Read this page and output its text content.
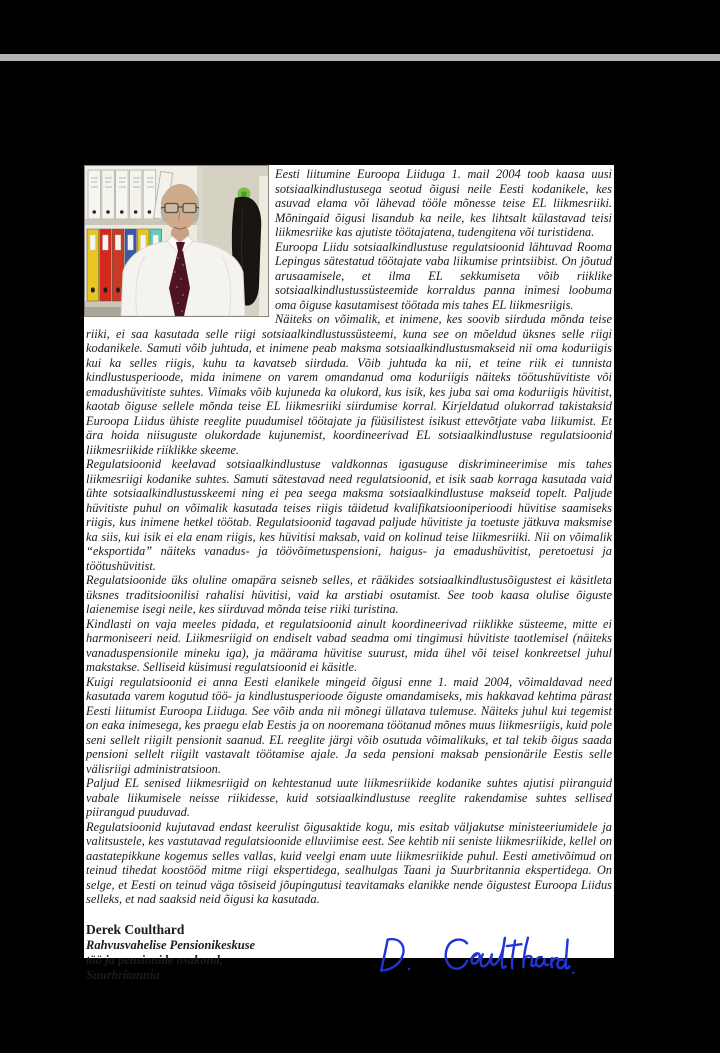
Eesti liitumine Euroopa Liiduga 1. mail 2004 toob kaasa uusi sotsiaalkindlustusega seotud õigusi neile Eesti kodanikele, kes asuvad elama või lähevad tööle mõnesse teise EL liikmesriiki. Mõningaid õigusi lisandub ka neile, kes lihtsalt külastavad teisi liikmesriike kas ajutiste töötajatena, tudengitena või turistidena.

Euroopa Liidu sotsiaalkindlustuse regulatsioonid lähtuvad Rooma Lepingus sätestatud töötajate vaba liikumise printsiibist. On jõutud arusaamisele, et ilma EL sekkumiseta võib riiklike sotsiaalkindlustussüsteemide korraldus panna inimesi loobuma oma õiguse kasutamisest töötada mis tahes EL liikmesriigis.

Näiteks on võimalik, et inimene, kes soovib siirduda mõnda teise riiki, ei saa kasutada selle riigi sotsiaalkindlustussüsteemi, kuna see on mõeldud üksnes selle riigi kodanikele. Samuti võib juhtuda, et inimene peab maksma sotsiaalkindlustusmakseid nii oma koduriigis kui ka selles riigis, kuhu ta kavatseb siirduda. Võib juhtuda ka nii, et teine riik ei tunnista kindlustusperioode, mida inimene on varem omandanud oma koduriigis näiteks töötushüvitiste või emadushüvitiste suhtes. Viimaks võib kujuneda ka olukord, kus isik, kes juba sai oma koduriigis hüvitist, kaotab õiguse sellele mõnda teise EL liikmesriiki siirdumise korral. Kirjeldatud olukorrad takistaksid Euroopa Liidus ühiste reeglite puudumisel töötajate ja füüsilistest isikust ettevõtjate vaba liikumist. Et ära hoida niisuguste olukordade kujunemist, koordineerivad EL sotsiaalkindlustuse regulatsioonid liikmesriikide riiklikke skeeme.

Regulatsioonid keelavad sotsiaalkindlustuse valdkonnas igasuguse diskrimineerimise mis tahes liikmesriigi kodanike suhtes. Samuti sätestavad need regulatsioonid, et isik saab korraga kasutada vaid ühte sotsiaalkindlustusskeemi ning ei pea seega maksma sotsiaalkindlustuse makseid topelt. Paljude hüvitiste puhul on võimalik kasutada teises riigis täidetud kvalifikatsiooniperioodi hüvitise saamiseks riigis, kus inimene hetkel töötab. Regulatsioonid tagavad paljude hüvitiste ja toetuste jätkuva maksmise ka siis, kui isik ei ela enam riigis, kes hüvitisi maksab, vaid on kolinud teise liikmesriiki. Nii on võimalik “eksportida” näiteks vanadus- ja töövõimetuspensioni, haigus- ja emadushüvitist, peretoetusi ja töötushüvitist.

Regulatsioonide üks oluline omapära seisneb selles, et rääkides sotsiaalkindlustusõigustest ei käsitleta üksnes traditsioonilisi rahalisi hüvitisi, vaid ka arstiabi osutamist. See toob kaasa olulise õiguste laienemise isegi neile, kes siirduvad mõnda teise riiki turistina.

Kindlasti on vaja meeles pidada, et regulatsioonid ainult koordineerivad riiklikke süsteeme, mitte ei harmoniseeri neid. Liikmesriigid on endiselt vabad seadma omi tingimusi hüvitiste taotlemisel (näiteks vanaduspensionile mineku iga), ja määrama hüvitise suurust, mida ühel või teisel konkreetsel juhul makstakse. Selliseid küsimusi regulatsioonid ei käsitle.

Kuigi regulatsioonid ei anna Eesti elanikele mingeid õigusi enne 1. maid 2004, võimaldavad need kasutada varem kogutud töö- ja kindlustusperioode õiguste omandamiseks, mis hakkavad kehtima pärast Eesti liitumist Euroopa Liiduga. See võib anda nii mõnegi üllatava tulemuse. Näiteks juhul kui tegemist on eaka inimesega, kes praegu elab Eestis ja on nooremana töötanud mõnes muus liikmesriigis, kuid pole seni sellelt riigilt pensionit saanud. EL reeglite järgi võib osutuda võimalikuks, et tal tekib õigus saada pensioni sellelt riigilt vastavalt töötamise ajale. Ja seda pensioni maksab pensionärile Eestis selle välisriigi administratsioon.

Paljud EL senised liikmesriigid on kehtestanud uute liikmesriikide kodanike suhtes ajutisi piiranguid vabale liikumisele neisse riikidesse, kuid sotsiaalkindlustuse reeglite rakendamise suhtes sellised piirangud puuduvad.

Regulatsioonid kujutavad endast keerulist õigusaktide kogu, mis esitab väljakutse ministeeriumidele ja valitsustele, kes vastutavad regulatsioonide elluviimise eest. See kehtib nii seniste liikmesriikide, kellel on aastatepikkune kogemus selles vallas, kuid veelgi enam uute liikmesriikide puhul. Eesti ametivõimud on teinud tihedat koostööd mitme riigi ekspertidega, sealhulgas Taani ja Suurbritannia ekspertidega. On selge, et Eesti on teinud väga tõsiseid jõupingutusi teavitamaks elanikke nende õigustest Euroopa Liidus selleks, et nad saaksid neid õigusi ka kasutada.

Derek Coulthard
Rahvusvahelise Pensionikeskuse
töö ja pensionide osakond,
Suurbritannia
